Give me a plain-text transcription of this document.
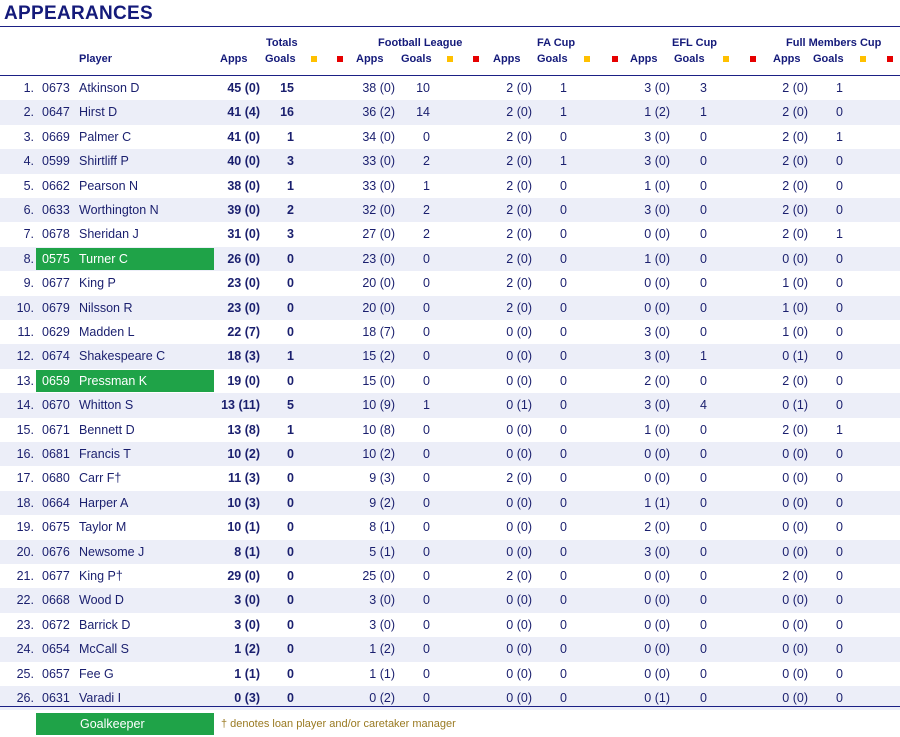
APPEARANCES
Totals	Football League	FA Cup	EFL Cup	Full Members Cup
Player	Apps Goals	Apps Goals	Apps Goals	Apps Goals	Apps Goals
1. 0673 Atkinson D	45 (0) 15	38 (0) 10	2 (0) 1	3 (0) 3	2 (0) 1
2. 0647 Hirst D	41 (4) 16	36 (2) 14	2 (0) 1	1 (2) 1	2 (0) 0
3. 0669 Palmer C	41 (0) 1	34 (0) 0	2 (0) 0	3 (0) 0	2 (0) 1
4. 0599 Shirtliff P	40 (0) 3	33 (0) 2	2 (0) 1	3 (0) 0	2 (0) 0
5. 0662 Pearson N	38 (0) 1	33 (0) 1	2 (0) 0	1 (0) 0	2 (0) 0
6. 0633 Worthington N	39 (0) 2	32 (0) 2	2 (0) 0	3 (0) 0	2 (0) 0
7. 0678 Sheridan J	31 (0) 3	27 (0) 2	2 (0) 0	0 (0) 0	2 (0) 1
8. 0575 Turner C	26 (0) 0	23 (0) 0	2 (0) 0	1 (0) 0	0 (0) 0
9. 0677 King P	23 (0) 0	20 (0) 0	2 (0) 0	0 (0) 0	1 (0) 0
10. 0679 Nilsson R	23 (0) 0	20 (0) 0	2 (0) 0	0 (0) 0	1 (0) 0
11. 0629 Madden L	22 (7) 0	18 (7) 0	0 (0) 0	3 (0) 0	1 (0) 0
12. 0674 Shakespeare C	18 (3) 1	15 (2) 0	0 (0) 0	3 (0) 1	0 (1) 0
13. 0659 Pressman K	19 (0) 0	15 (0) 0	0 (0) 0	2 (0) 0	2 (0) 0
14. 0670 Whitton S	13 (11) 5	10 (9) 1	0 (1) 0	3 (0) 4	0 (1) 0
15. 0671 Bennett D	13 (8) 1	10 (8) 0	0 (0) 0	1 (0) 0	2 (0) 1
16. 0681 Francis T	10 (2) 0	10 (2) 0	0 (0) 0	0 (0) 0	0 (0) 0
17. 0680 Carr F†	11 (3) 0	9 (3) 0	2 (0) 0	0 (0) 0	0 (0) 0
18. 0664 Harper A	10 (3) 0	9 (2) 0	0 (0) 0	1 (1) 0	0 (0) 0
19. 0675 Taylor M	10 (1) 0	8 (1) 0	0 (0) 0	2 (0) 0	0 (0) 0
20. 0676 Newsome J	8 (1) 0	5 (1) 0	0 (0) 0	3 (0) 0	0 (0) 0
21. 0677 King P†	29 (0) 0	25 (0) 0	2 (0) 0	0 (0) 0	2 (0) 0
22. 0668 Wood D	3 (0) 0	3 (0) 0	0 (0) 0	0 (0) 0	0 (0) 0
23. 0672 Barrick D	3 (0) 0	3 (0) 0	0 (0) 0	0 (0) 0	0 (0) 0
24. 0654 McCall S	1 (2) 0	1 (2) 0	0 (0) 0	0 (0) 0	0 (0) 0
25. 0657 Fee G	1 (1) 0	1 (1) 0	0 (0) 0	0 (0) 0	0 (0) 0
26. 0631 Varadi I	0 (3) 0	0 (2) 0	0 (0) 0	0 (1) 0	0 (0) 0
Goalkeeper	† denotes loan player and/or caretaker manager
